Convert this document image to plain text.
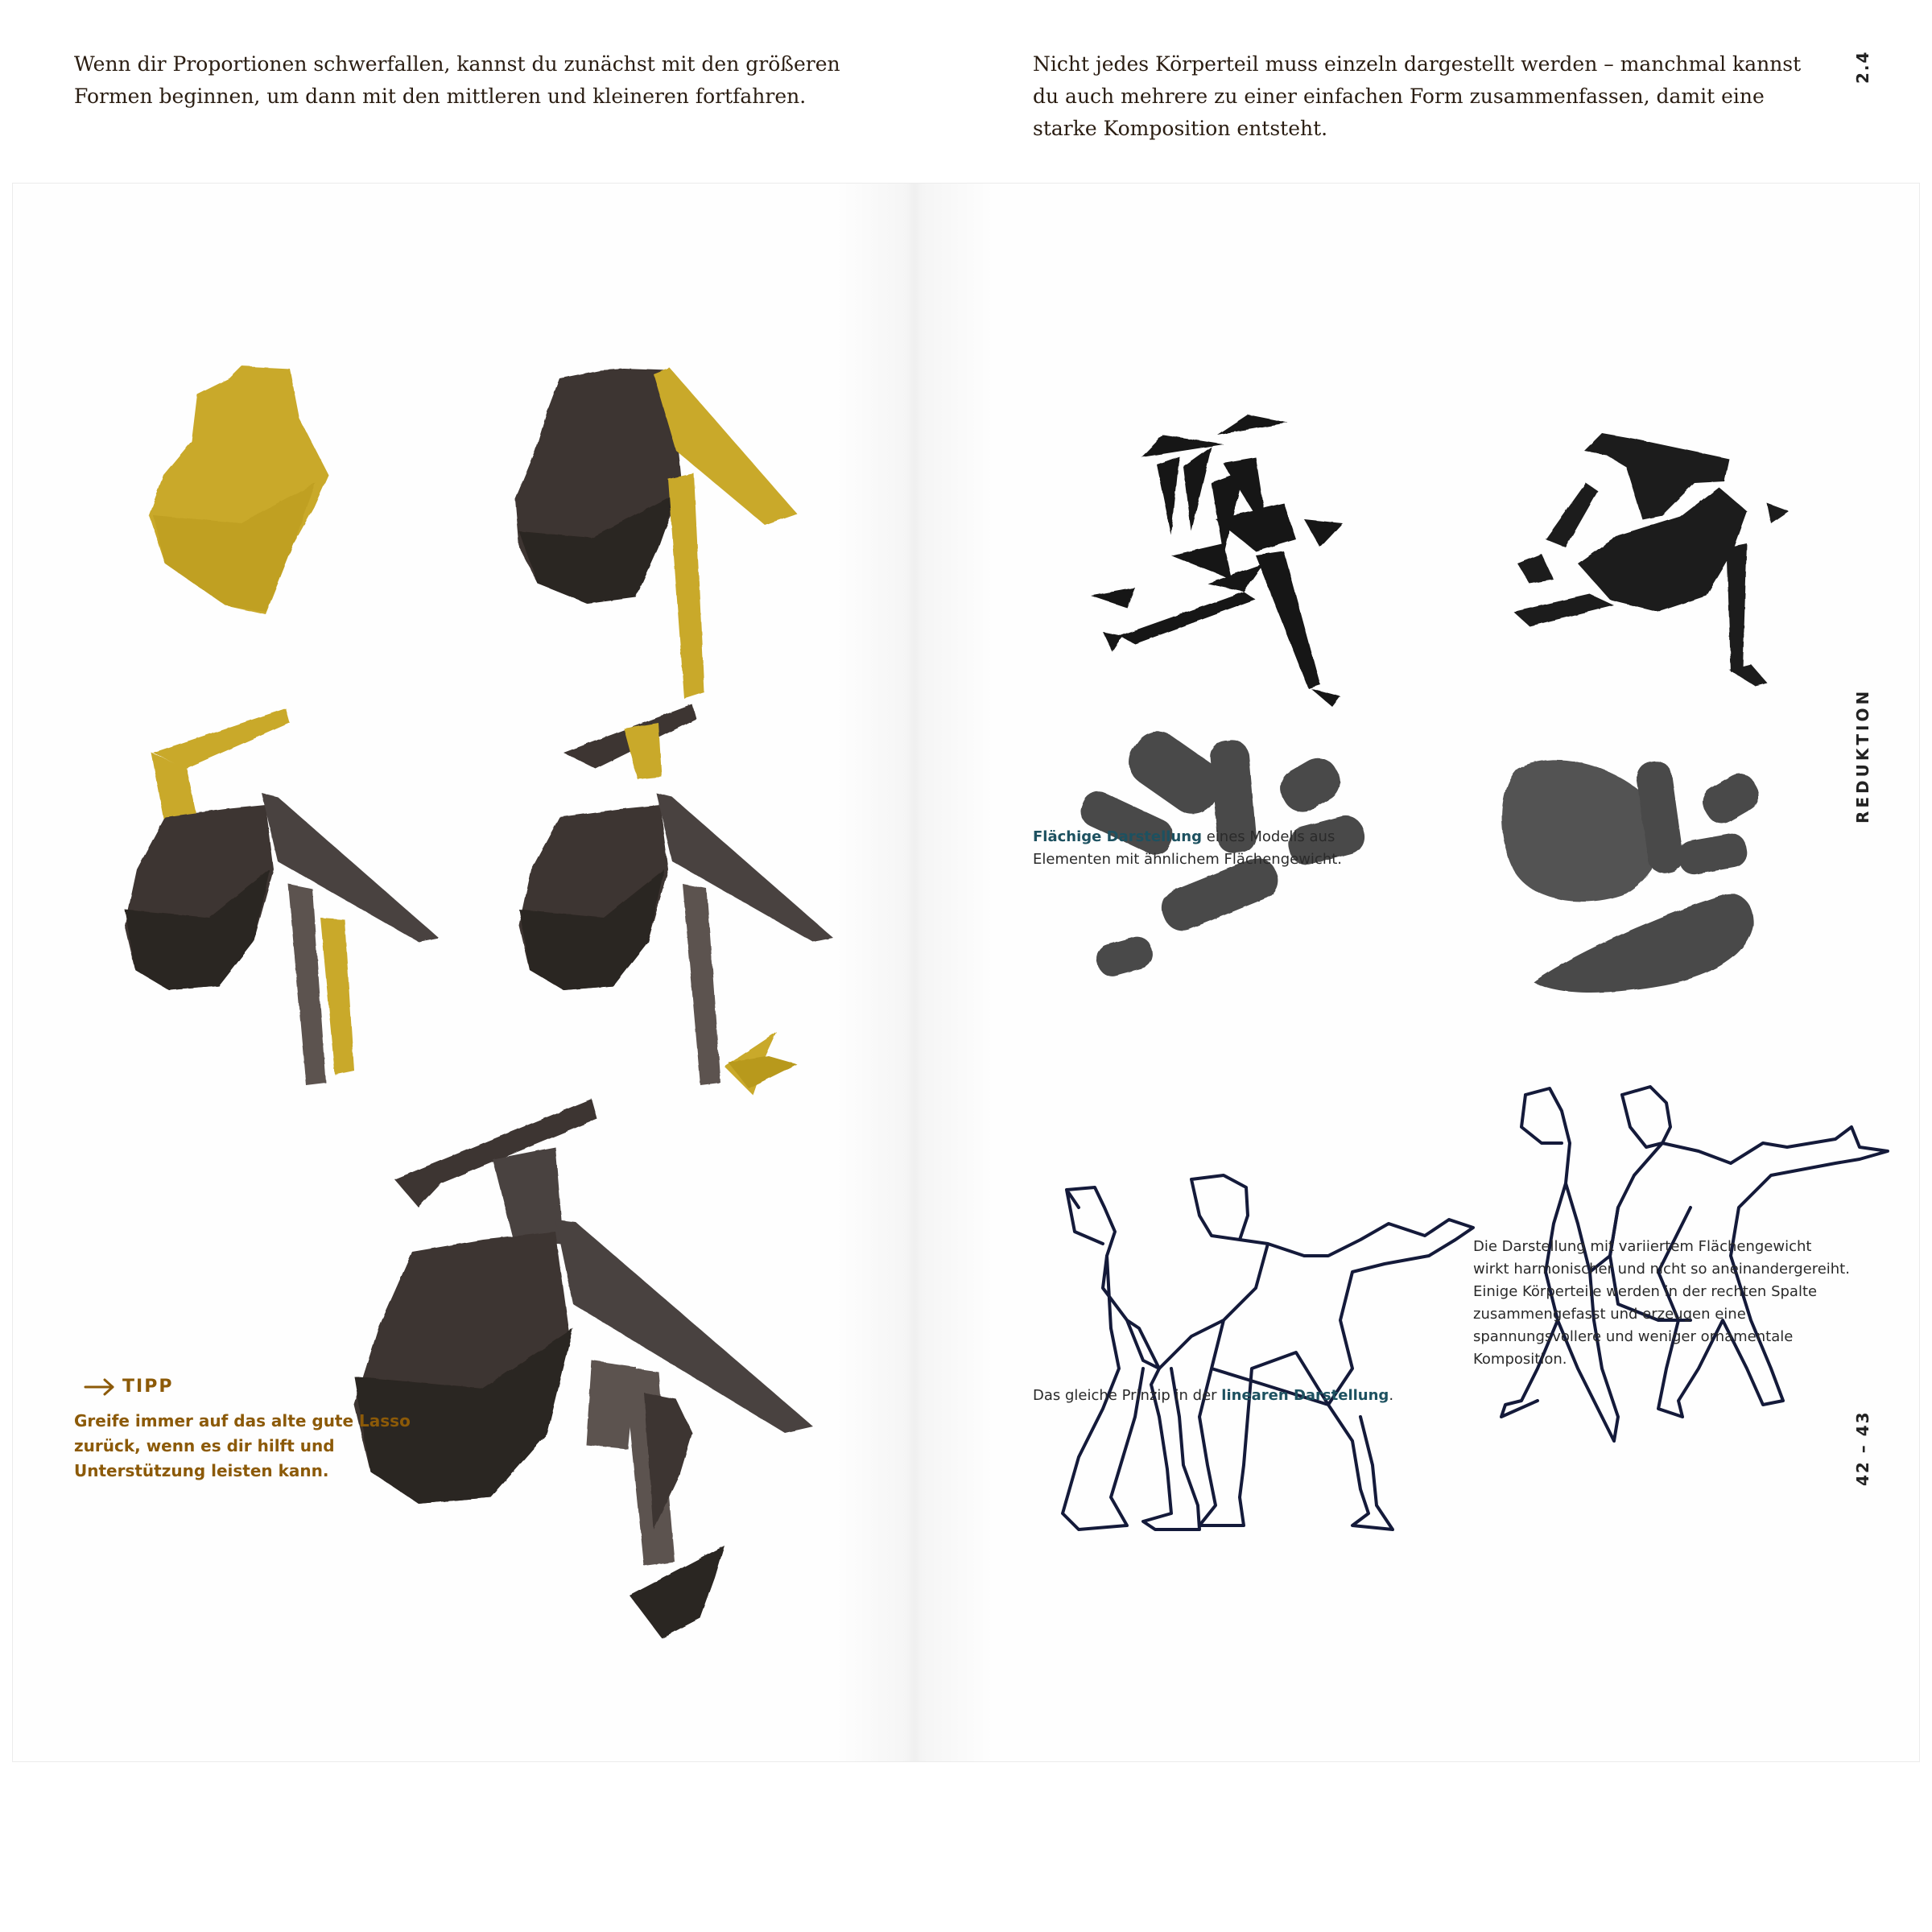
Wenn dir Proportionen schwerfallen, kannst du zunächst mit den größeren Formen beginnen, um dann mit den mittleren und kleineren fortfahren.

Nicht jedes Körperteil muss einzeln dargestellt werden – manchmal kannst du auch mehrere zu einer einfachen Form zusammenfassen, damit eine starke Komposition entsteht.

TIPP

Greife immer auf das alte gute Lasso zurück, wenn es dir hilft und Unterstützung leisten kann.

Flächige Darstellung eines Modells aus Elementen mit ähnlichem Flächengewicht.

Das gleiche Prinzip in der linearen Darstellung.

Die Darstellung mit variiertem Flächengewicht wirkt harmonischer und nicht so aneinandergereiht. Einige Körperteile werden in der rechten Spalte zusammengefasst und erzeugen eine spannungsvollere und weniger ornamentale Komposition.

2.4
REDUKTION
42 – 43
